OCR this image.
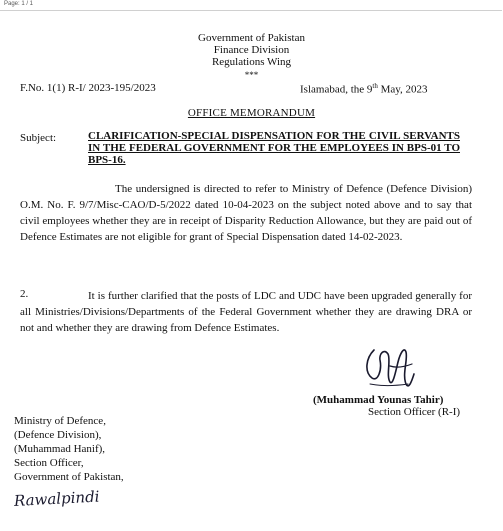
Page: 1 / 1
Government of Pakistan
Finance Division
Regulations Wing
***
F.No. 1(1) R-I/ 2023-195/2023	Islamabad, the 9th May, 2023
OFFICE MEMORANDUM
Subject:	CLARIFICATION-SPECIAL DISPENSATION FOR THE CIVIL SERVANTS IN THE FEDERAL GOVERNMENT FOR THE EMPLOYEES IN BPS-01 TO BPS-16.
The undersigned is directed to refer to Ministry of Defence (Defence Division) O.M. No. F. 9/7/Misc-CAO/D-5/2022 dated 10-04-2023 on the subject noted above and to say that civil employees whether they are in receipt of Disparity Reduction Allowance, but they are paid out of Defence Estimates are not eligible for grant of Special Dispensation dated 14-02-2023.
2.	It is further clarified that the posts of LDC and UDC have been upgraded generally for all Ministries/Divisions/Departments of the Federal Government whether they are drawing DRA or not and whether they are drawing from Defence Estimates.
(Muhammad Younas Tahir)
Section Officer (R-I)
Ministry of Defence,
(Defence Division),
(Muhammad Hanif),
Section Officer,
Government of Pakistan,
Rawalpindi
